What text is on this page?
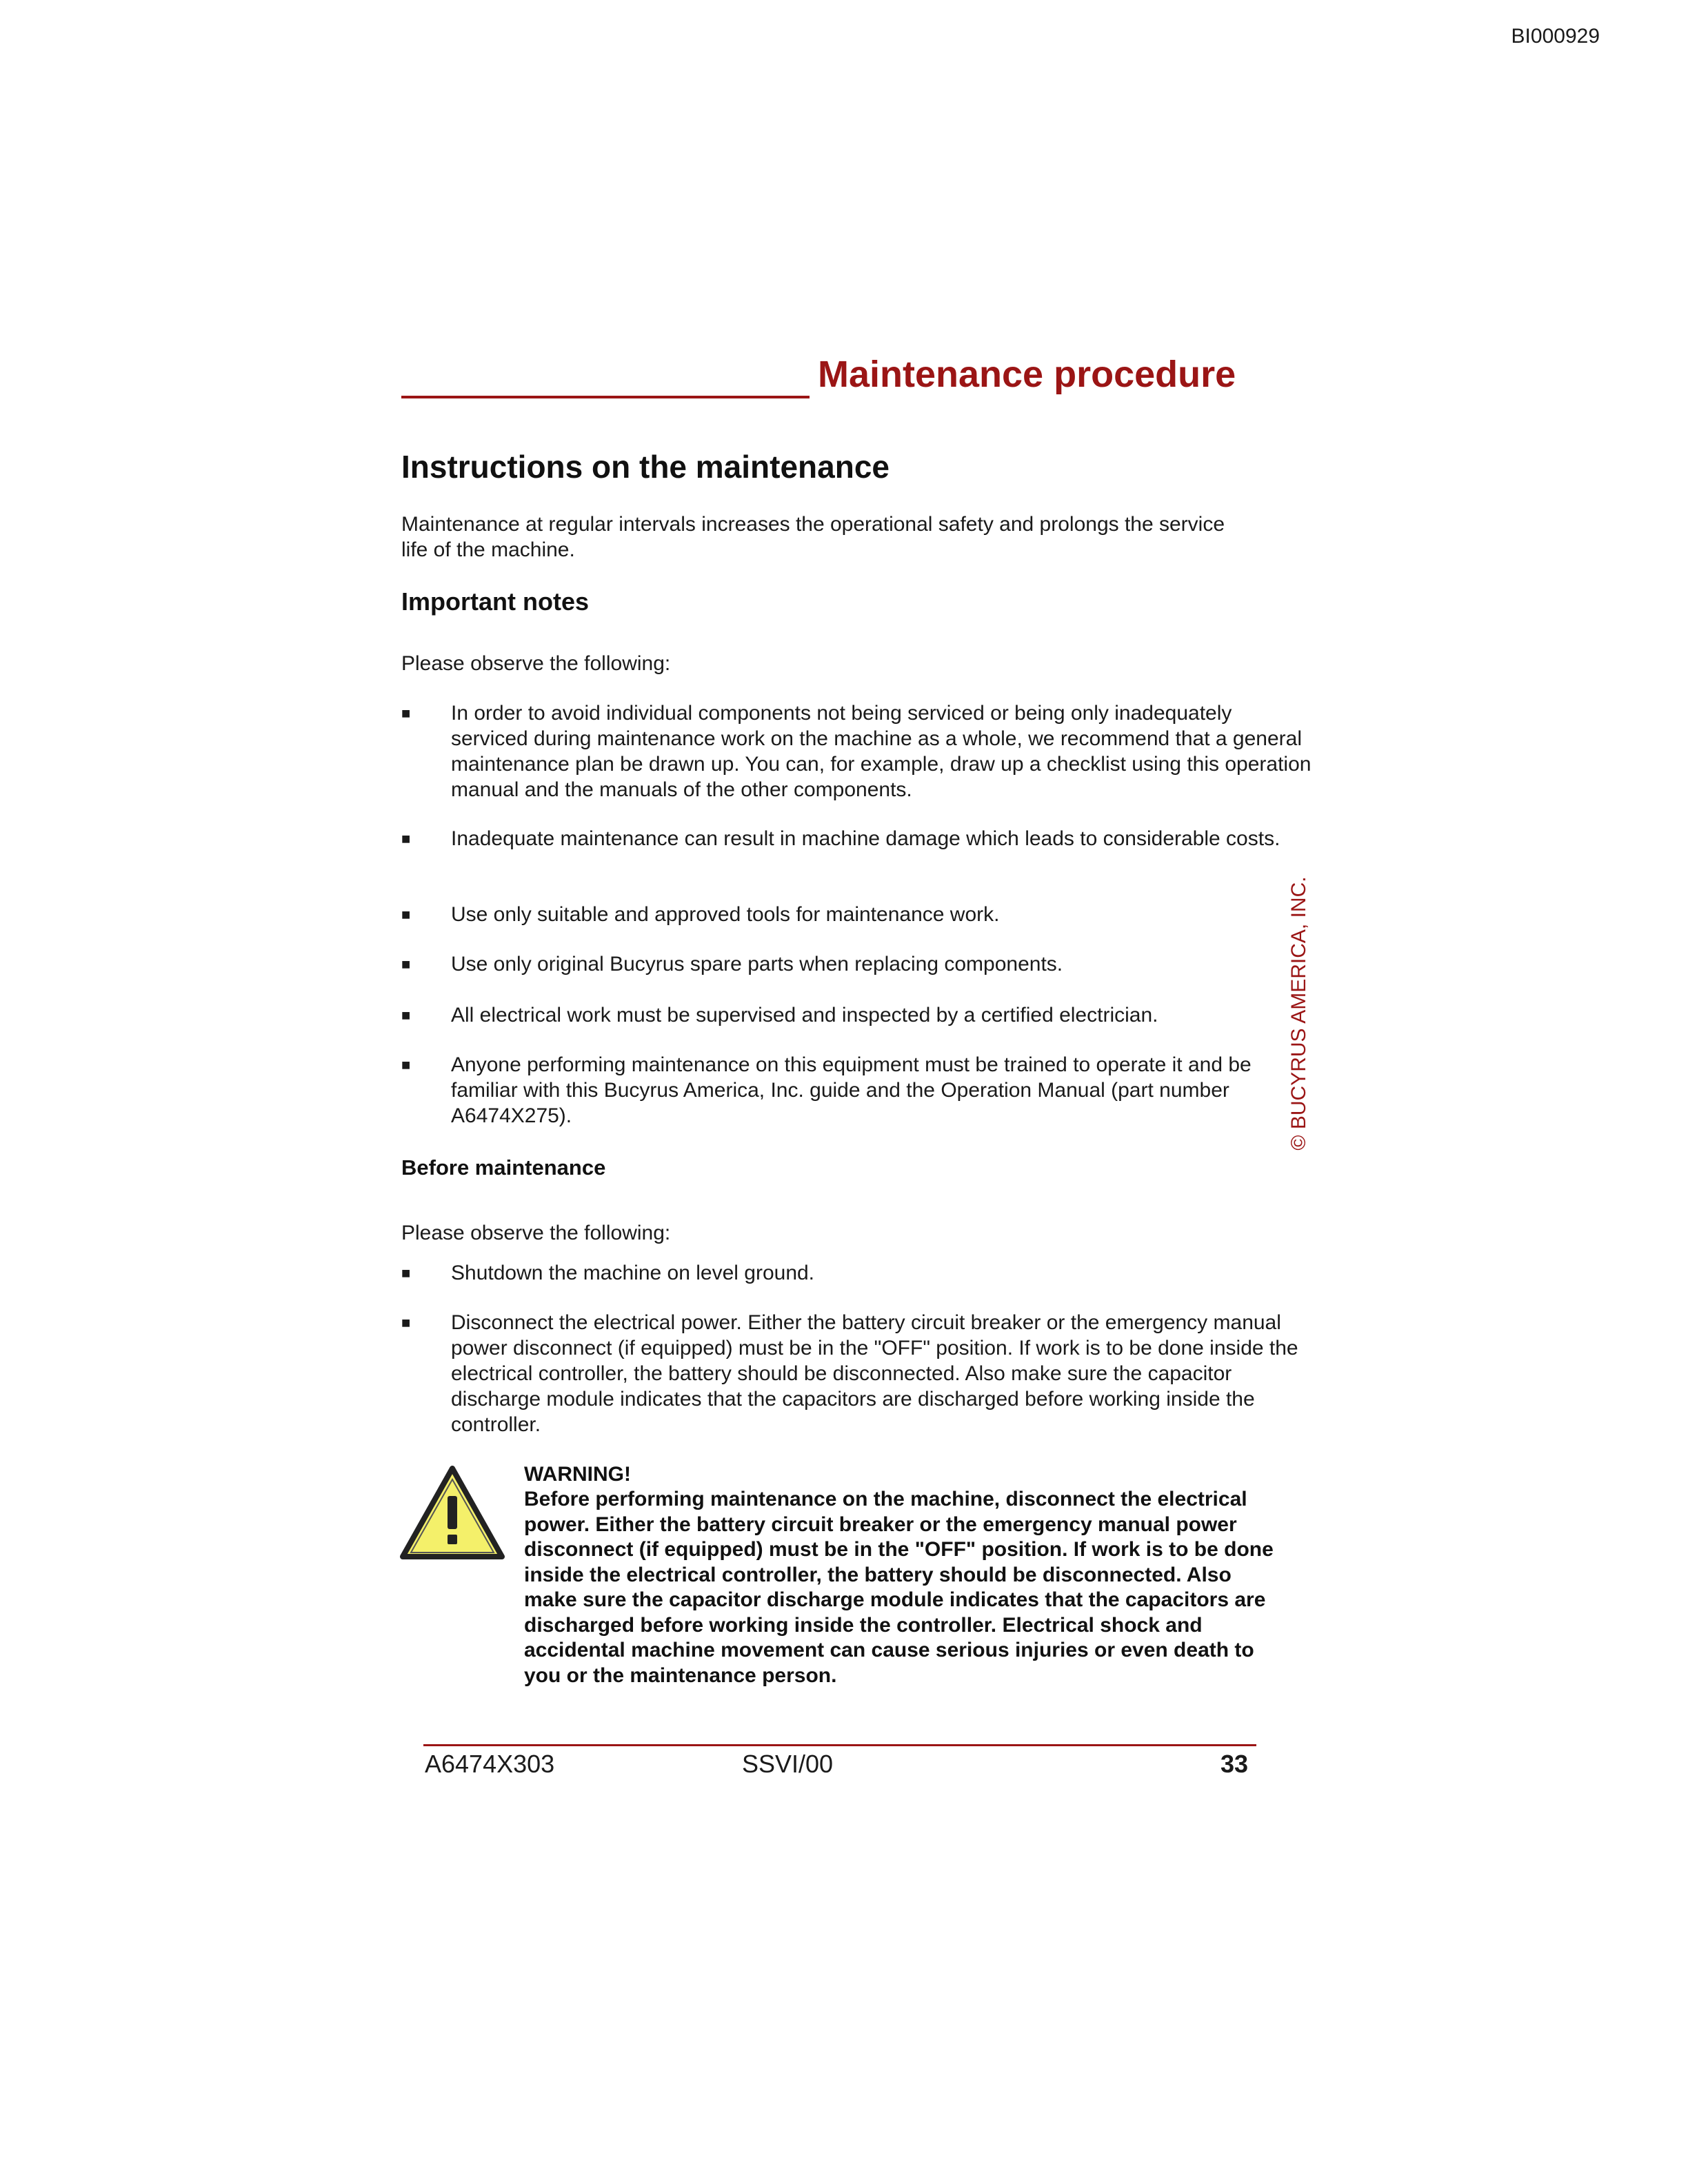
BI000929
Maintenance procedure
Instructions on the maintenance
Maintenance at regular intervals increases the operational safety and prolongs the service life of the machine.
Important notes
Please observe the following:
■ In order to avoid individual components not being serviced or being only inadequately serviced during maintenance work on the machine as a whole, we recommend that a general maintenance plan be drawn up. You can, for example, draw up a checklist using this operation manual and the manuals of the other components.
■ Inadequate maintenance can result in machine damage which leads to considerable costs.
■ Use only suitable and approved tools for maintenance work.
■ Use only original Bucyrus spare parts when replacing components.
■ All electrical work must be supervised and inspected by a certified electrician.
■ Anyone performing maintenance on this equipment must be trained to operate it and be familiar with this Bucyrus America, Inc. guide and the Operation Manual (part number A6474X275).
Before maintenance
Please observe the following:
■ Shutdown the machine on level ground.
■ Disconnect the electrical power. Either the battery circuit breaker or the emergency manual power disconnect (if equipped) must be in the "OFF" position. If work is to be done inside the electrical controller, the battery should be disconnected. Also make sure the capacitor discharge module indicates that the capacitors are discharged before working inside the controller.
WARNING!
Before performing maintenance on the machine, disconnect the electrical power. Either the battery circuit breaker or the emergency manual power disconnect (if equipped) must be in the "OFF" position. If work is to be done inside the electrical controller, the battery should be disconnected. Also make sure the capacitor discharge module indicates that the capacitors are discharged before working inside the controller. Electrical shock and accidental machine movement can cause serious injuries or even death to you or the maintenance person.
A6474X303	SSVI/00	33
© BUCYRUS AMERICA, INC.
